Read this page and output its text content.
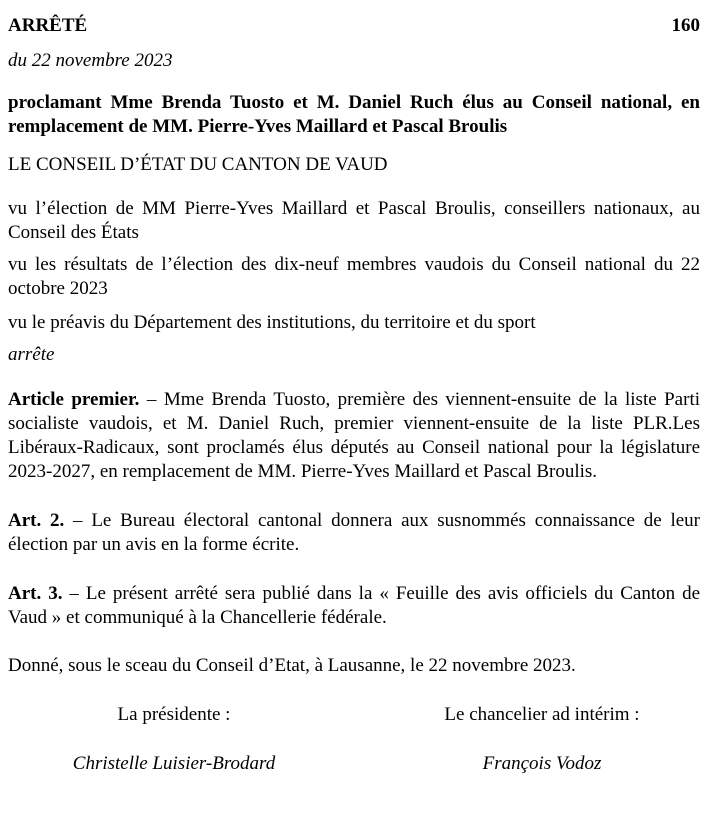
ARRÊTÉ	160
du 22 novembre 2023
proclamant Mme Brenda Tuosto et M. Daniel Ruch élus au Conseil national, en remplacement de MM. Pierre-Yves Maillard et Pascal Broulis
LE CONSEIL D’ÉTAT DU CANTON DE VAUD

vu l’élection de MM Pierre-Yves Maillard et Pascal Broulis, conseillers nationaux, au Conseil des États

vu les résultats de l’élection des dix-neuf membres vaudois du Conseil national du 22 octobre 2023

vu le préavis du Département des institutions, du territoire et du sport

arrête

Article premier. – Mme Brenda Tuosto, première des viennent-ensuite de la liste Parti socialiste vaudois, et M. Daniel Ruch, premier viennent-ensuite de la liste PLR.Les Libéraux-Radicaux, sont proclamés élus députés au Conseil national pour la législature 2023-2027, en remplacement de MM. Pierre-Yves Maillard et Pascal Broulis.

Art. 2. – Le Bureau électoral cantonal donnera aux susnommés connaissance de leur élection par un avis en la forme écrite.

Art. 3. – Le présent arrêté sera publié dans la « Feuille des avis officiels du Canton de Vaud » et communiqué à la Chancellerie fédérale.

Donné, sous le sceau du Conseil d’Etat, à Lausanne, le 22 novembre 2023.

La présidente :
Christelle Luisier-Brodard
Le chancelier ad intérim :
François Vodoz
